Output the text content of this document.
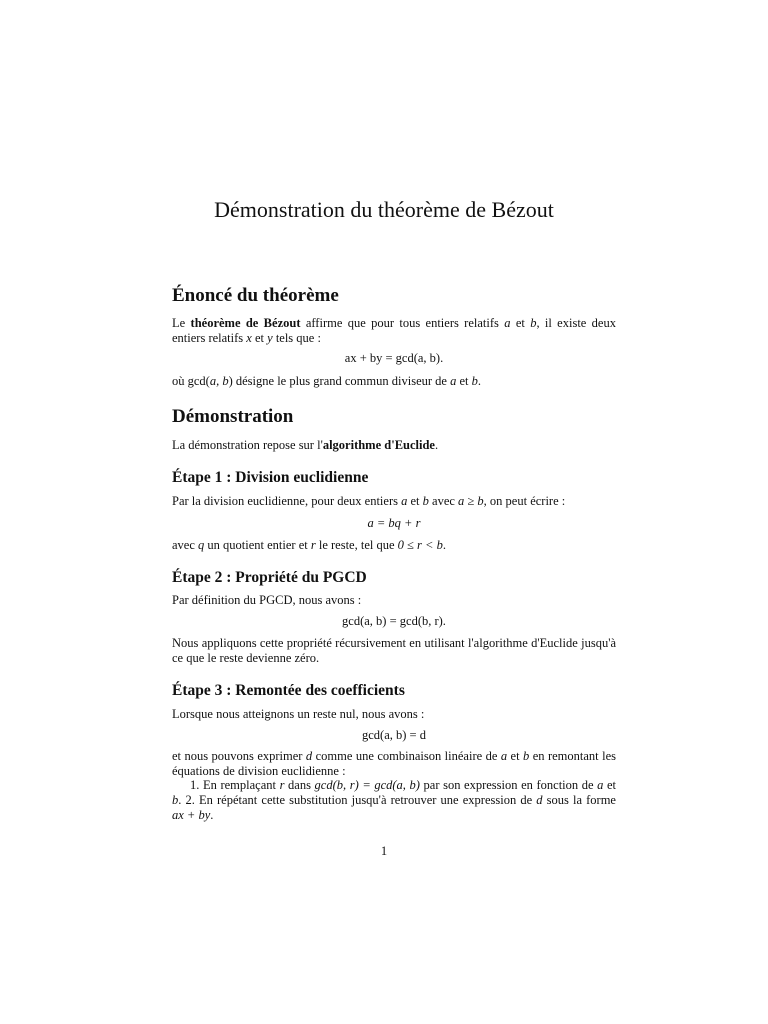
Démonstration du théorème de Bézout
Énoncé du théorème
Le théorème de Bézout affirme que pour tous entiers relatifs a et b, il existe deux entiers relatifs x et y tels que :
ax + by = gcd(a, b).
où gcd(a, b) désigne le plus grand commun diviseur de a et b.
Démonstration
La démonstration repose sur l'algorithme d'Euclide.
Étape 1 : Division euclidienne
Par la division euclidienne, pour deux entiers a et b avec a ≥ b, on peut écrire :
a = bq + r
avec q un quotient entier et r le reste, tel que 0 ≤ r < b.
Étape 2 : Propriété du PGCD
Par définition du PGCD, nous avons :
gcd(a, b) = gcd(b, r).
Nous appliquons cette propriété récursivement en utilisant l'algorithme d'Euclide jusqu'à ce que le reste devienne zéro.
Étape 3 : Remontée des coefficients
Lorsque nous atteignons un reste nul, nous avons :
gcd(a, b) = d
et nous pouvons exprimer d comme une combinaison linéaire de a et b en remontant les équations de division euclidienne :
1. En remplaçant r dans gcd(b, r) = gcd(a, b) par son expression en fonction de a et b. 2. En répétant cette substitution jusqu'à retrouver une expression de d sous la forme ax + by.
1
